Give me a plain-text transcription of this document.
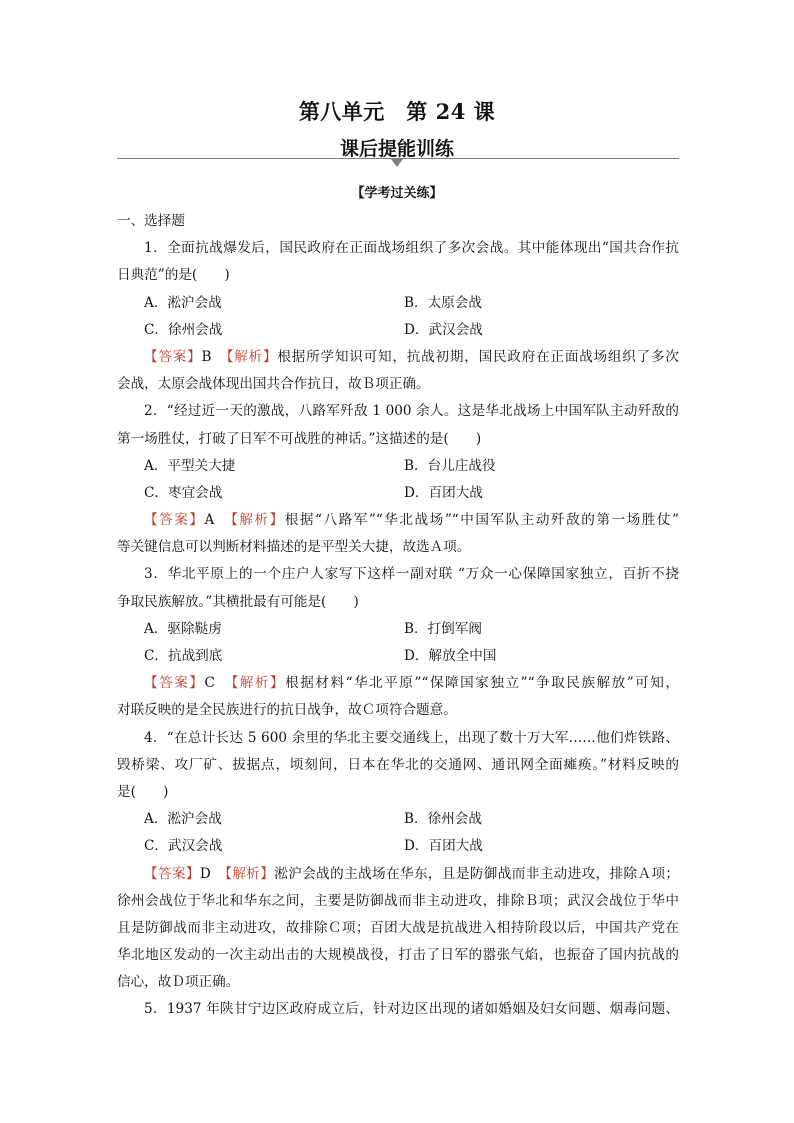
第八单元　第 24 课
课后提能训练
【学考过关练】
一、选择题
1．全面抗战爆发后，国民政府在正面战场组织了多次会战。其中能体现出“国共合作抗
日典范”的是(　　)
A．淞沪会战	B．太原会战
C．徐州会战	D．武汉会战
【答案】B　 【解析】根据所学知识可知，抗战初期，国民政府在正面战场组织了多次
会战，太原会战体现出国共合作抗日，故Ｂ项正确。
2．“经过近一天的激战，八路军歼敌 1 000 余人。这是华北战场上中国军队主动歼敌的
第一场胜仗，打破了日军不可战胜的神话。”这描述的是(　　)
A．平型关大捷	B．台儿庄战役
C．枣宜会战	D．百团大战
【答案】A　 【解析】根据“八路军”“华北战场”“中国军队主动歼敌的第一场胜仗”
等关键信息可以判断材料描述的是平型关大捷，故选Ａ项。
3．华北平原上的一个庄户人家写下这样一副对联 “万众一心保障国家独立，百折不挠
争取民族解放。”其横批最有可能是(　　)
A．驱除鞑虏	B．打倒军阀
C．抗战到底	D．解放全中国
【答案】C　 【解析】根据材料“华北平原”“保障国家独立”“争取民族解放”可知，
对联反映的是全民族进行的抗日战争，故Ｃ项符合题意。
4．“在总计长达 5 600 余里的华北主要交通线上，出现了数十万大军……他们炸铁路、
毁桥梁、攻厂矿、拔据点，顷刻间，日本在华北的交通网、通讯网全面瘫痪。”材料反映的
是(　　)
A．淞沪会战	B．徐州会战
C．武汉会战	D．百团大战
【答案】D　 【解析】淞沪会战的主战场在华东，且是防御战而非主动进攻，排除Ａ项；
徐州会战位于华北和华东之间，主要是防御战而非主动进攻，排除Ｂ项；武汉会战位于华中
且是防御战而非主动进攻，故排除Ｃ项；百团大战是抗战进入相持阶段以后，中国共产党在
华北地区发动的一次主动出击的大规模战役，打击了日军的嚣张气焰，也振奋了国内抗战的
信心，故Ｄ项正确。
5．1937 年陕甘宁边区政府成立后，针对边区出现的诸如婚姻及妇女问题、烟毒问题、
